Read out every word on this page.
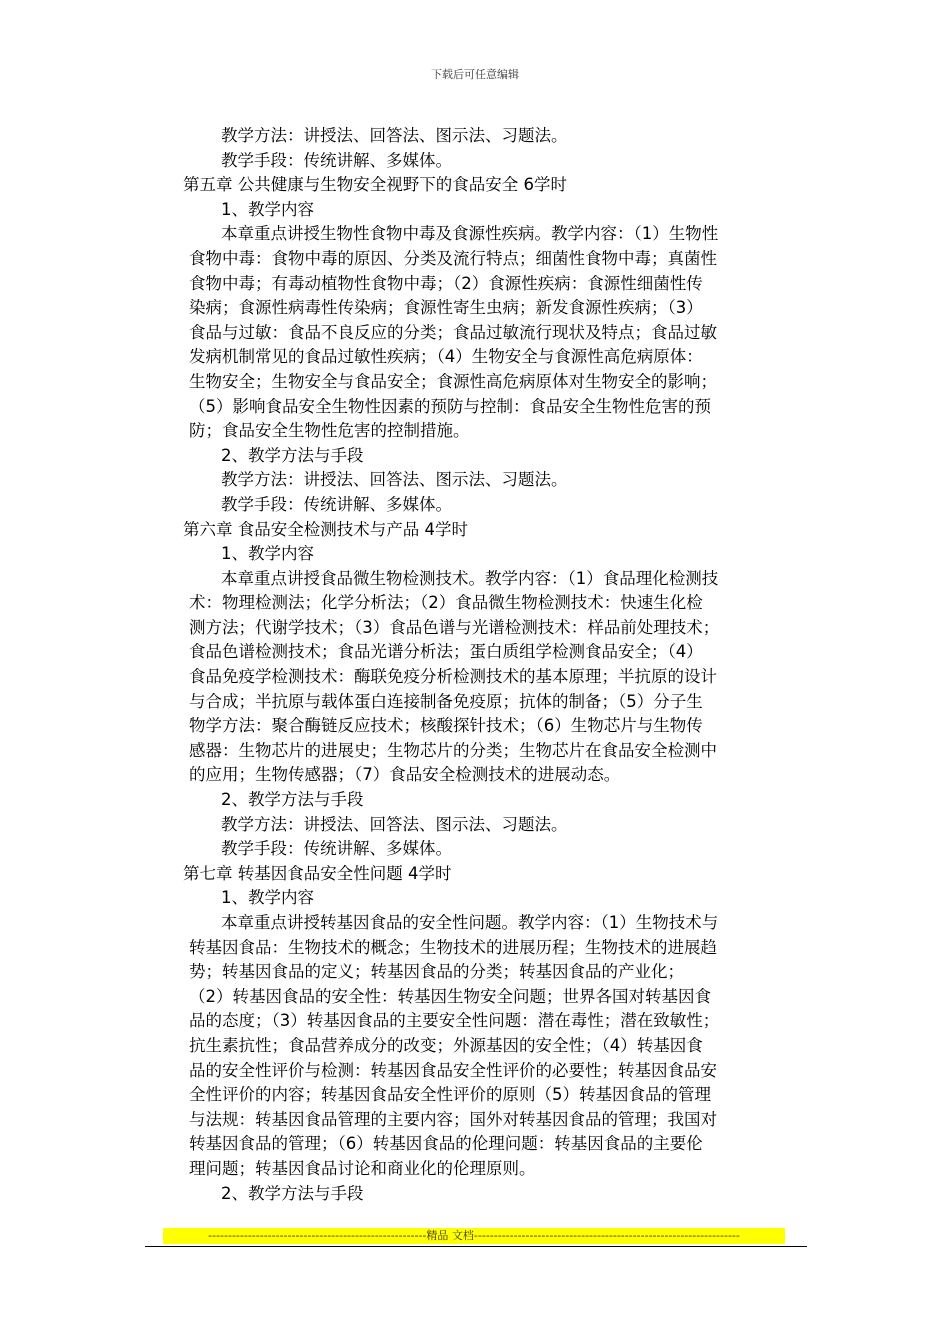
下载后可任意编辑
教学方法：讲授法、回答法、图示法、习题法。
教学手段：传统讲解、多媒体。
第五章 公共健康与生物安全视野下的食品安全 6学时
1、教学内容
本章重点讲授生物性食物中毒及食源性疾病。教学内容：（1）生物性
食物中毒：食物中毒的原因、分类及流行特点；细菌性食物中毒；真菌性
食物中毒；有毒动植物性食物中毒；（2）食源性疾病：食源性细菌性传
染病；食源性病毒性传染病；食源性寄生虫病；新发食源性疾病；（3）
食品与过敏：食品不良反应的分类；食品过敏流行现状及特点；食品过敏
发病机制常见的食品过敏性疾病；（4）生物安全与食源性高危病原体：
生物安全；生物安全与食品安全；食源性高危病原体对生物安全的影响；
（5）影响食品安全生物性因素的预防与控制：食品安全生物性危害的预
防；食品安全生物性危害的控制措施。
2、教学方法与手段
教学方法：讲授法、回答法、图示法、习题法。
教学手段：传统讲解、多媒体。
第六章 食品安全检测技术与产品 4学时
1、教学内容
本章重点讲授食品微生物检测技术。教学内容：（1）食品理化检测技
术：物理检测法；化学分析法；（2）食品微生物检测技术：快速生化检
测方法；代谢学技术；（3）食品色谱与光谱检测技术：样品前处理技术；
食品色谱检测技术；食品光谱分析法；蛋白质组学检测食品安全；（4）
食品免疫学检测技术：酶联免疫分析检测技术的基本原理；半抗原的设计
与合成；半抗原与载体蛋白连接制备免疫原；抗体的制备；（5）分子生
物学方法：聚合酶链反应技术；核酸探针技术；（6）生物芯片与生物传
感器：生物芯片的进展史；生物芯片的分类；生物芯片在食品安全检测中
的应用；生物传感器；（7）食品安全检测技术的进展动态。
2、教学方法与手段
教学方法：讲授法、回答法、图示法、习题法。
教学手段：传统讲解、多媒体。
第七章 转基因食品安全性问题 4学时
1、教学内容
本章重点讲授转基因食品的安全性问题。教学内容：（1）生物技术与
转基因食品：生物技术的概念；生物技术的进展历程；生物技术的进展趋
势；转基因食品的定义；转基因食品的分类；转基因食品的产业化；
（2）转基因食品的安全性：转基因生物安全问题；世界各国对转基因食
品的态度；（3）转基因食品的主要安全性问题：潜在毒性；潜在致敏性；
抗生素抗性；食品营养成分的改变；外源基因的安全性；（4）转基因食
品的安全性评价与检测：转基因食品安全性评价的必要性；转基因食品安
全性评价的内容；转基因食品安全性评价的原则（5）转基因食品的管理
与法规：转基因食品管理的主要内容；国外对转基因食品的管理；我国对
转基因食品的管理；（6）转基因食品的伦理问题：转基因食品的主要伦
理问题；转基因食品讨论和商业化的伦理原则。
2、教学方法与手段
-------------------------------------------------------精品 文档-------------------------------------------------------------------
